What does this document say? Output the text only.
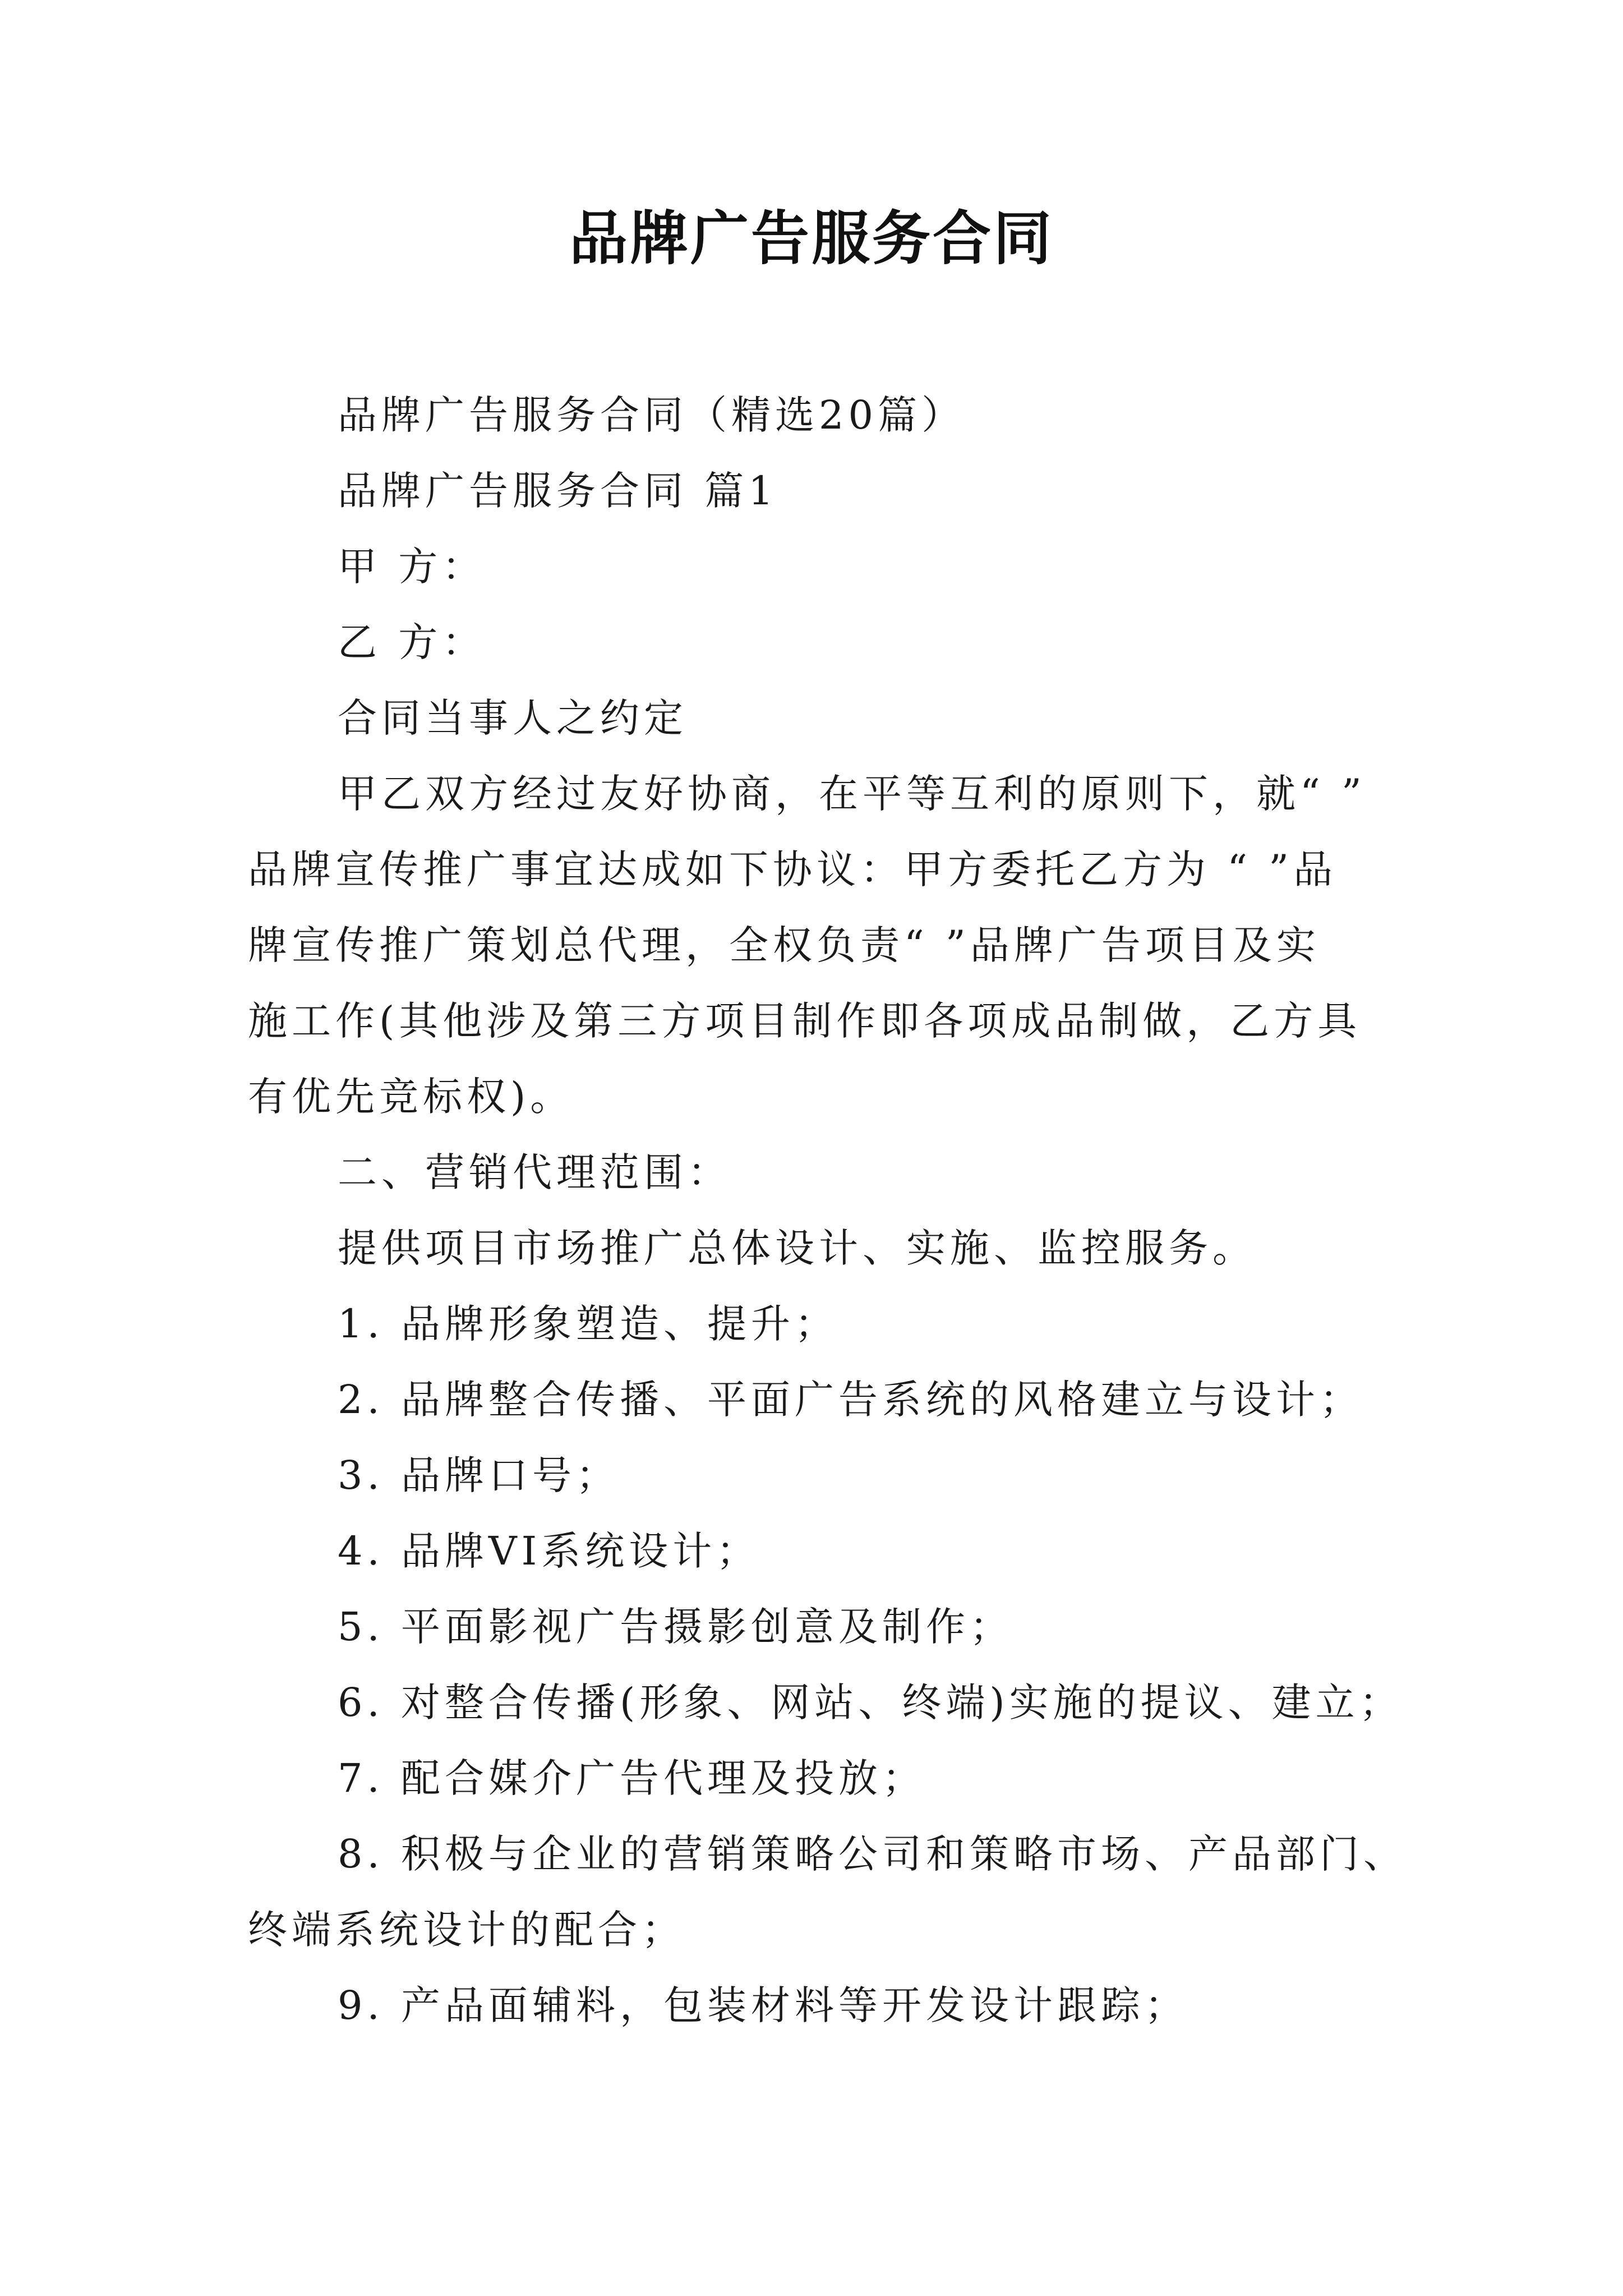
品牌广告服务合同
品牌广告服务合同（精选20篇）
品牌广告服务合同 篇1
甲 方：
乙 方：
合同当事人之约定
甲乙双方经过友好协商，在平等互利的原则下，就“ ”
品牌宣传推广事宜达成如下协议：甲方委托乙方为 “ ”品
牌宣传推广策划总代理，全权负责“ ”品牌广告项目及实
施工作(其他涉及第三方项目制作即各项成品制做，乙方具
有优先竞标权)。
二、营销代理范围：
提供项目市场推广总体设计、实施、监控服务。
1. 品牌形象塑造、提升；
2. 品牌整合传播、平面广告系统的风格建立与设计；
3. 品牌口号；
4. 品牌VI系统设计；
5. 平面影视广告摄影创意及制作；
6. 对整合传播(形象、网站、终端)实施的提议、建立；
7. 配合媒介广告代理及投放；
8. 积极与企业的营销策略公司和策略市场、产品部门、
终端系统设计的配合；
9. 产品面辅料，包装材料等开发设计跟踪；
